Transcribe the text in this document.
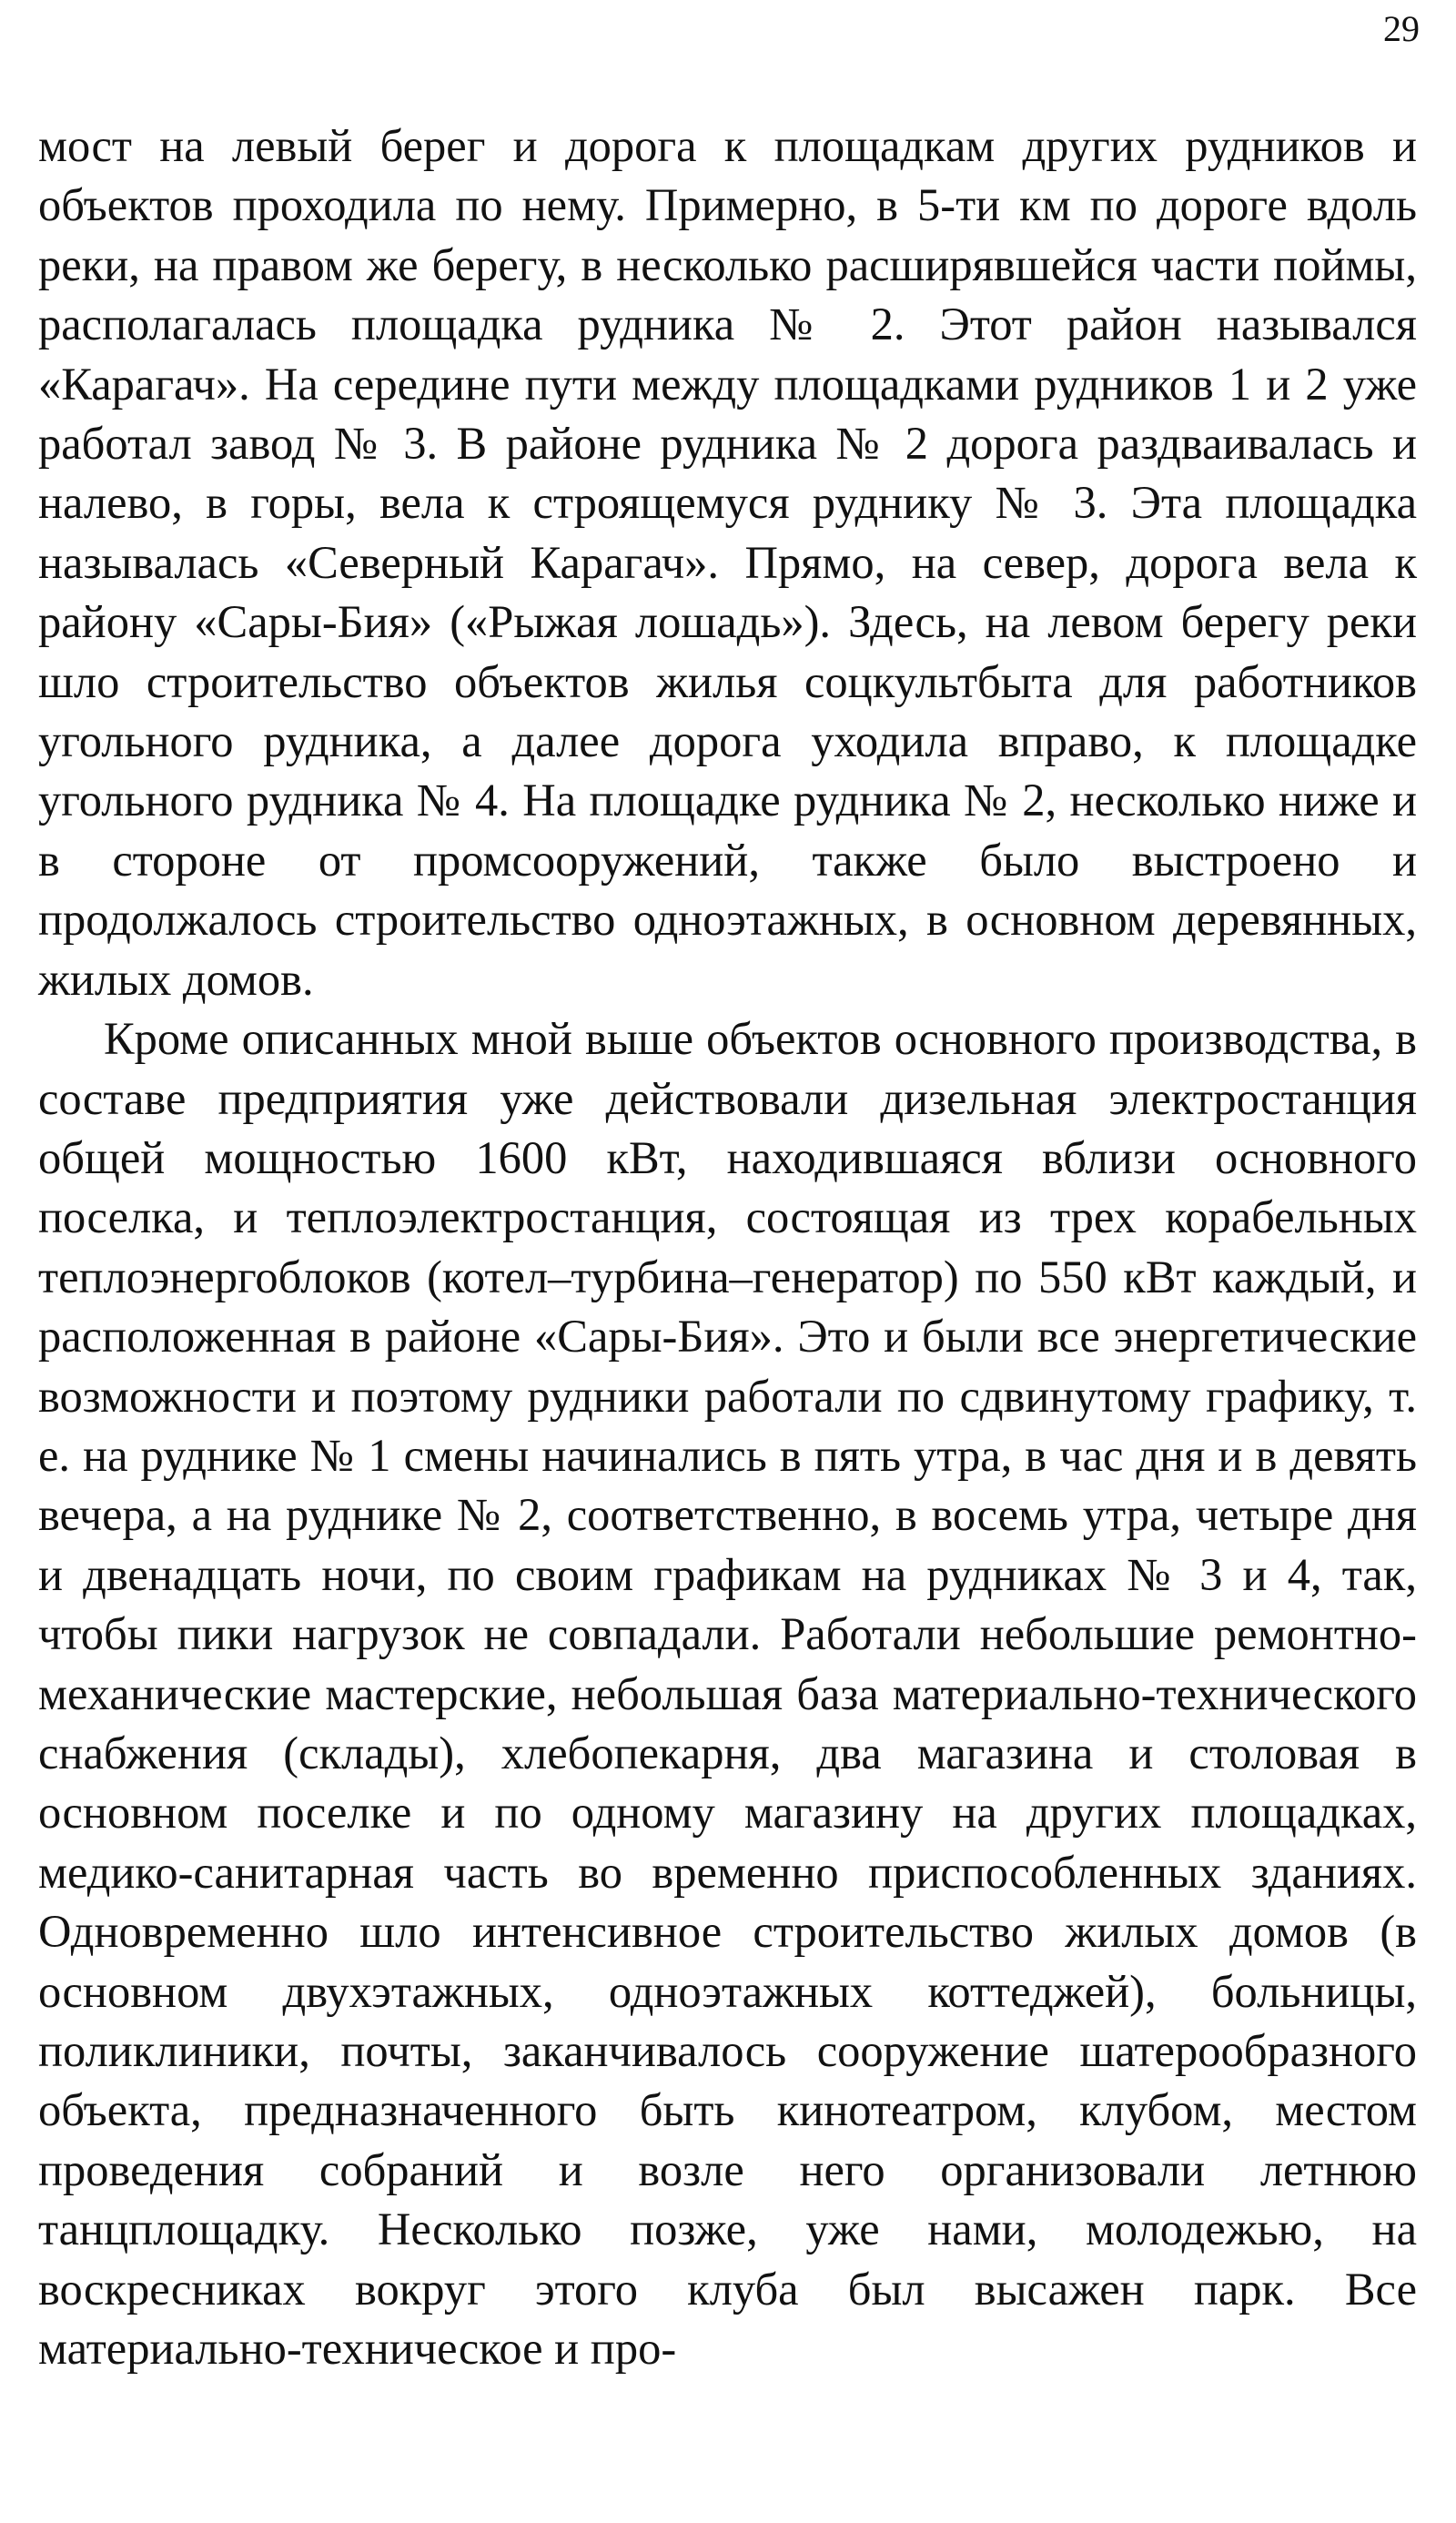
29

мост на левый берег и дорога к площадкам других рудников и объектов проходила по нему. Примерно, в 5-ти км по дороге вдоль реки, на правом же берегу, в несколько расширявшейся части поймы, располагалась площадка рудника № 2. Этот район назывался «Карагач». На середине пути между площадками рудников 1 и 2 уже работал завод № 3. В районе рудника № 2 дорога раздваивалась и налево, в горы, вела к строящемуся руднику № 3. Эта площадка называлась «Северный Карагач». Прямо, на север, дорога вела к району «Сары-Бия» («Рыжая лошадь»). Здесь, на левом берегу реки шло строительство объектов жилья соцкультбыта для работников угольного рудника, а далее дорога уходила вправо, к площадке угольного рудника № 4. На площадке рудника № 2, несколько ниже и в стороне от промсооружений, также было выстроено и продолжалось строительство одноэтажных, в основном деревянных, жилых домов.

Кроме описанных мной выше объектов основного производства, в составе предприятия уже действовали дизельная электростанция общей мощностью 1600 кВт, находившаяся вблизи основного поселка, и теплоэлектростанция, состоящая из трех корабельных теплоэнергоблоков (котел–турбина–генератор) по 550 кВт каждый, и расположенная в районе «Сары-Бия». Это и были все энергетические возможности и поэтому рудники работали по сдвинутому графику, т. е. на руднике № 1 смены начинались в пять утра, в час дня и в девять вечера, а на руднике № 2, соответственно, в восемь утра, четыре дня и двенадцать ночи, по своим графикам на рудниках № 3 и 4, так, чтобы пики нагрузок не совпадали. Работали небольшие ремонтно-механические мастерские, небольшая база материально-технического снабжения (склады), хлебопекарня, два магазина и столовая в основном поселке и по одному магазину на других площадках, медико-санитарная часть во временно приспособленных зданиях. Одновременно шло интенсивное строительство жилых домов (в основном двухэтажных, одноэтажных коттеджей), больницы, поликлиники, почты, заканчивалось сооружение шатерообразного объекта, предназначенного быть кинотеатром, клубом, местом проведения собраний и возле него организовали летнюю танцплощадку. Несколько позже, уже нами, молодежью, на воскресниках вокруг этого клуба был высажен парк. Все материально-техническое и про-
